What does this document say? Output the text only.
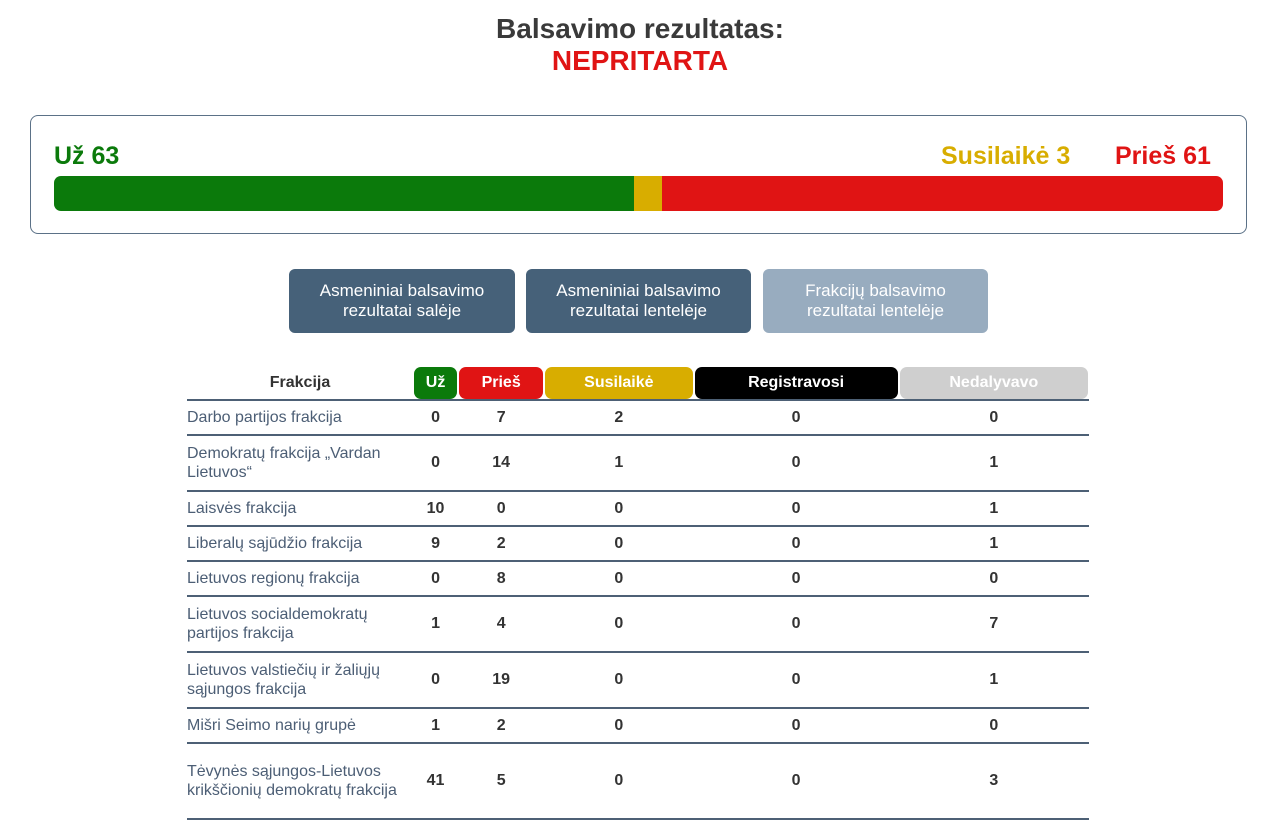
Balsavimo rezultatas:
NEPRITARTA
Už 63	Susilaikė 3 Prieš 61
Asmeniniai balsavimo
rezultatai salėje
Asmeniniai balsavimo
rezultatai lentelėje
Frakcijų balsavimo
rezultatai lentelėje
Frakcija	Už	Prieš	Susilaikė	Registravosi	Nedalyvavo

Darbo partijos frakcija	0	7	2	0	0
Demokratų frakcija „Vardan Lietuvos“	0	14	1	0	1
Laisvės frakcija	10	0	0	0	1
Liberalų sąjūdžio frakcija	9	2	0	0	1
Lietuvos regionų frakcija	0	8	0	0	0
Lietuvos socialdemokratų partijos frakcija	1	4	0	0	7
Lietuvos valstiečių ir žaliųjų sąjungos frakcija	0	19	0	0	1
Mišri Seimo narių grupė	1	2	0	0	0
Tėvynės sąjungos-Lietuvos krikščionių demokratų frakcija	41	5	0	0	3
